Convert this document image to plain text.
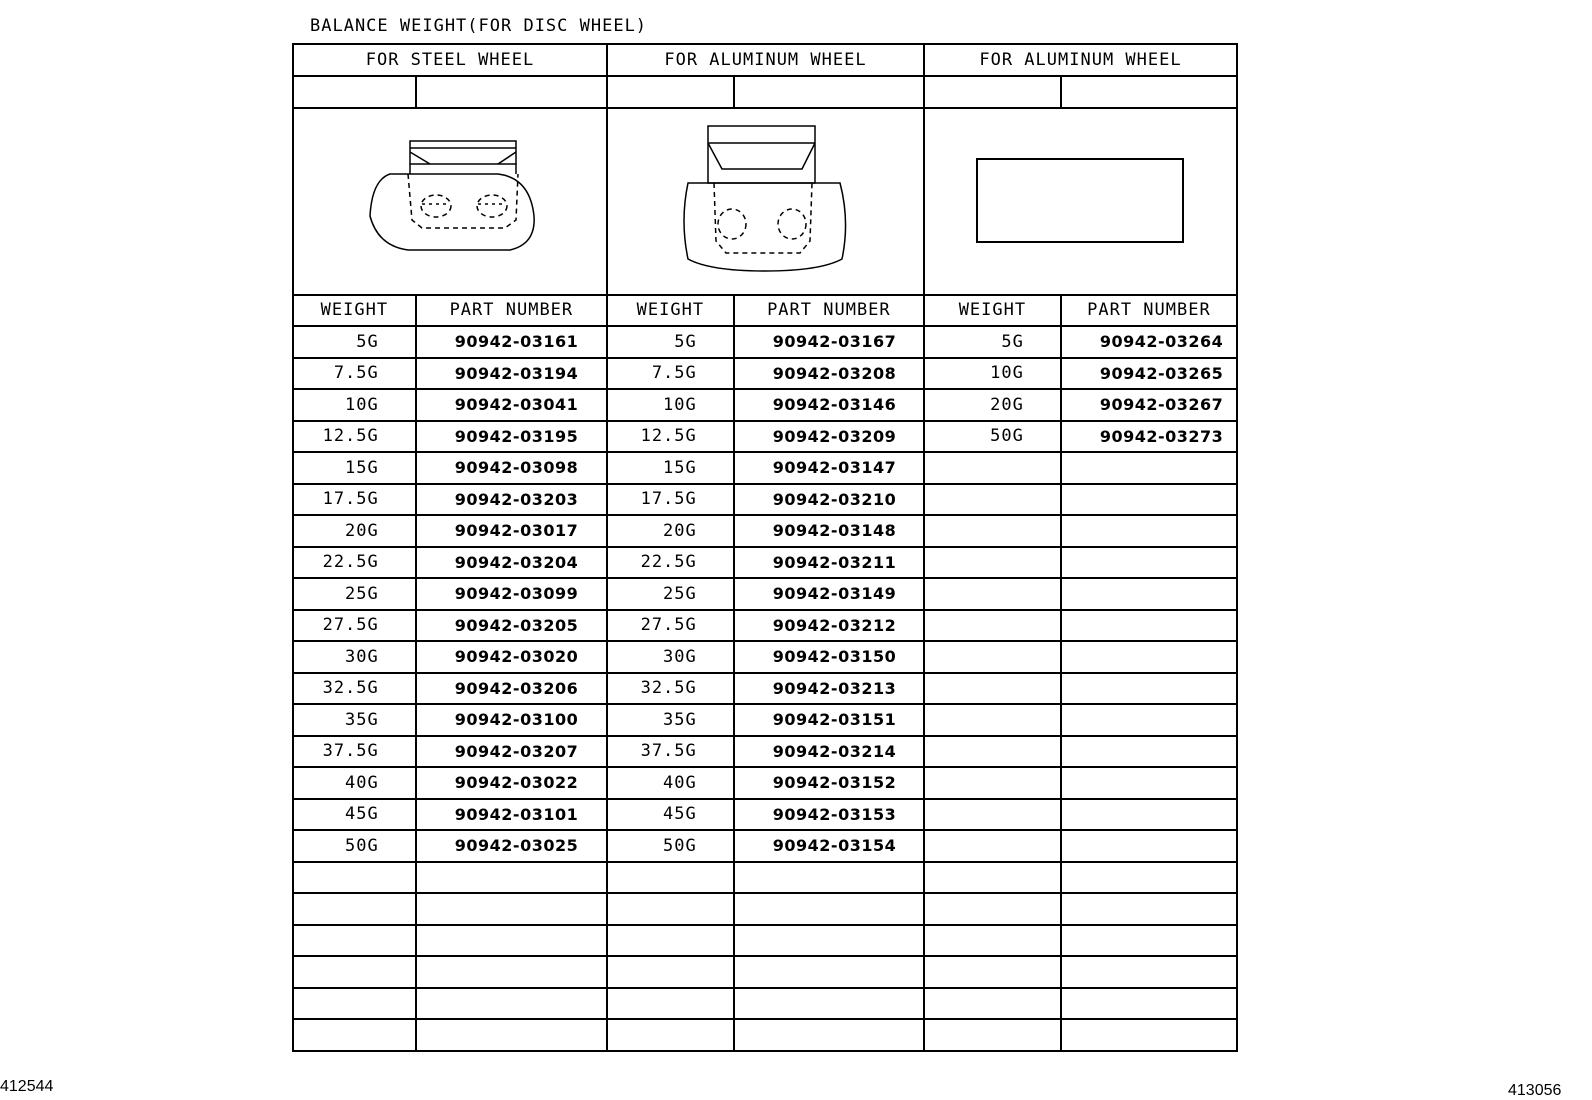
BALANCE WEIGHT(FOR DISC WHEEL)
FOR STEEL WHEEL		FOR ALUMINUM WHEEL		FOR ALUMINUM WHEEL	

WEIGHT	PART NUMBER	WEIGHT	PART NUMBER	WEIGHT	PART NUMBER
5G	90942-03161	5G	90942-03167	5G	90942-03264
7.5G	90942-03194	7.5G	90942-03208	10G	90942-03265
10G	90942-03041	10G	90942-03146	20G	90942-03267
12.5G	90942-03195	12.5G	90942-03209	50G	90942-03273
15G	90942-03098	15G	90942-03147		
17.5G	90942-03203	17.5G	90942-03210		
20G	90942-03017	20G	90942-03148		
22.5G	90942-03204	22.5G	90942-03211		
25G	90942-03099	25G	90942-03149		
27.5G	90942-03205	27.5G	90942-03212		
30G	90942-03020	30G	90942-03150		
32.5G	90942-03206	32.5G	90942-03213		
35G	90942-03100	35G	90942-03151		
37.5G	90942-03207	37.5G	90942-03214		
40G	90942-03022	40G	90942-03152		
45G	90942-03101	45G	90942-03153		
50G	90942-03025	50G	90942-03154		

412544	413056
